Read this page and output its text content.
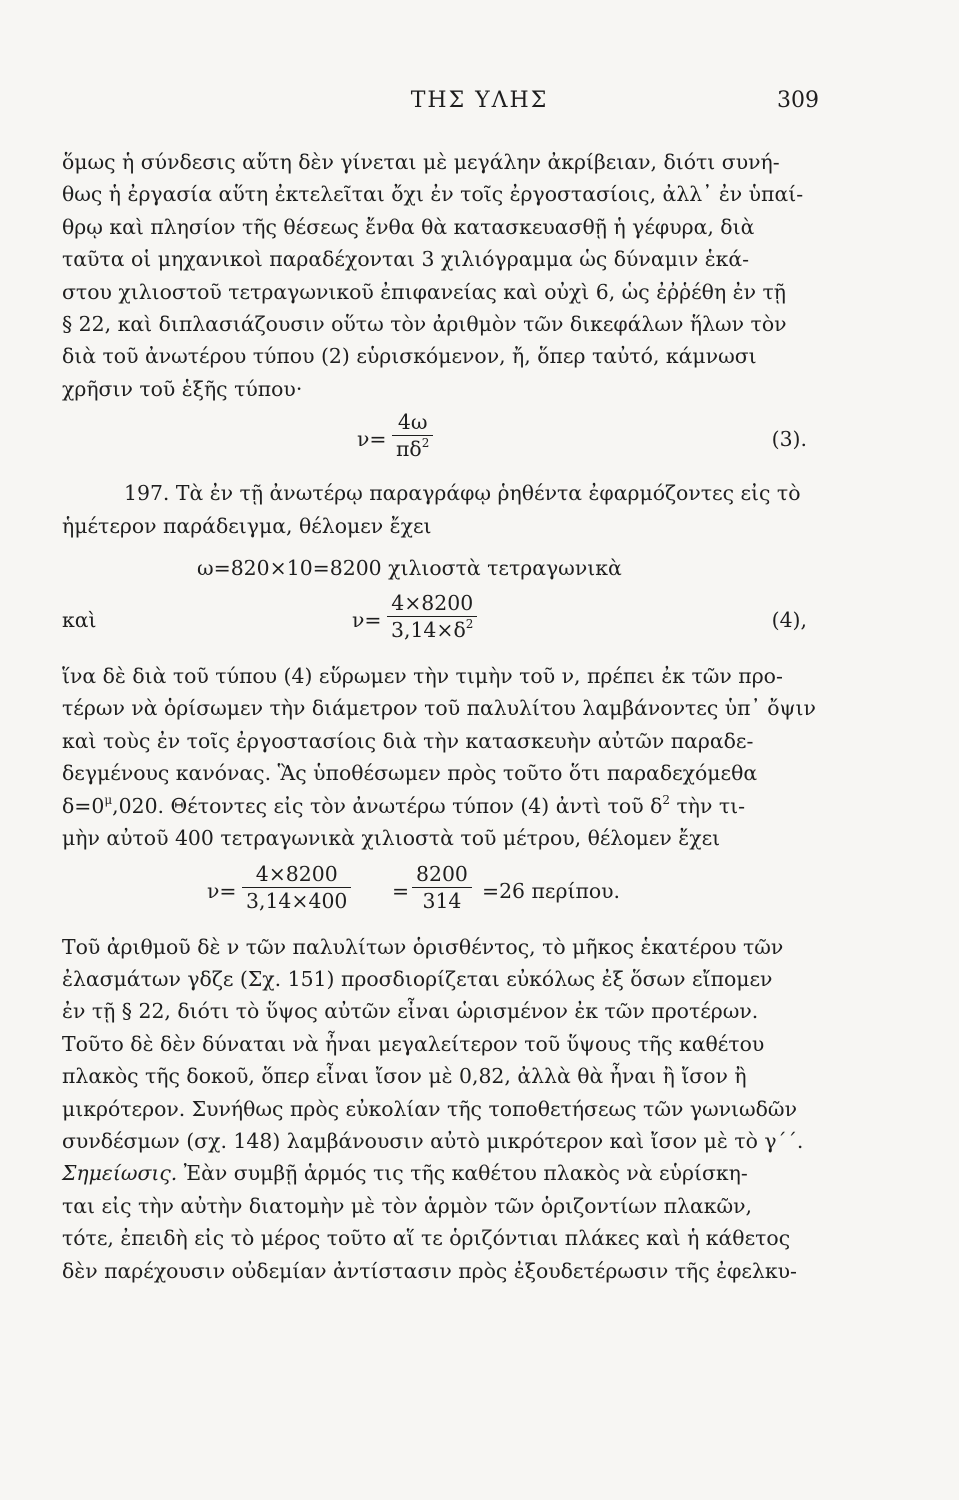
ΤΗΣ ΥΛΗΣ	309

ὅμως ἡ σύνδεσις αὕτη δὲν γίνεται μὲ μεγάλην ἀκρίβειαν, διότι συνή-
θως ἡ ἐργασία αὕτη ἐκτελεῖται ὄχι ἐν τοῖς ἐργοστασίοις, ἀλλ᾽ ἐν ὑπαί-
θρῳ καὶ πλησίον τῆς θέσεως ἔνθα θὰ κατασκευασθῇ ἡ γέφυρα, διὰ
ταῦτα οἱ μηχανικοὶ παραδέχονται 3 χιλιόγραμμα ὡς δύναμιν ἑκά-
στου χιλιοστοῦ τετραγωνικοῦ ἐπιφανείας καὶ οὐχὶ 6, ὡς ἐῤῥέθη ἐν τῇ
§ 22, καὶ διπλασιάζουσιν οὕτω τὸν ἀριθμὸν τῶν δικεφάλων ἥλων τὸν
διὰ τοῦ ἀνωτέρου τύπου (2) εὑρισκόμενον, ἤ, ὅπερ ταὐτό, κάμνωσι
χρῆσιν τοῦ ἑξῆς τύπου·

ν=
4ω
$\pi\delta^2$	(3).

197. Τὰ ἐν τῇ ἀνωτέρῳ παραγράφῳ ῥηθέντα ἐφαρμόζοντες εἰς τὸ
ἡμέτερον παράδειγμα, θέλομεν ἔχει

ω=820×10=8200 χιλιοστὰ τετραγωνικὰ
καὶ	ν=
4×8200
$3,14\times\delta^2$	(4),

ἵνα δὲ διὰ τοῦ τύπου (4) εὕρωμεν τὴν τιμὴν τοῦ ν, πρέπει ἐκ τῶν προ-
τέρων νὰ ὁρίσωμεν τὴν διάμετρον τοῦ παλυλίτου λαμβάνοντες ὑπ᾽ ὄψιν
καὶ τοὺς ἐν τοῖς ἐργοστασίοις διὰ τὴν κατασκευὴν αὐτῶν παραδε-
δεγμένους κανόνας. Ἃς ὑποθέσωμεν πρὸς τοῦτο ὅτι παραδεχόμεθα
$\delta=0^\mu,020$. Θέτοντες εἰς τὸν ἀνωτέρω τύπον (4) ἀντὶ τοῦ $\delta^2$ τὴν τι-
μὴν αὐτοῦ 400 τετραγωνικὰ χιλιοστὰ τοῦ μέτρου, θέλομεν ἔχει

ν=
4×8200
3,14×400 =
8200
314	=26 περίπου.

Τοῦ ἀριθμοῦ δὲ ν τῶν παλυλίτων ὁρισθέντος, τὸ μῆκος ἑκατέρου τῶν
ἐλασμάτων γδζε (Σχ. 151) προσδιορίζεται εὐκόλως ἐξ ὅσων εἴπομεν
ἐν τῇ § 22, διότι τὸ ὕψος αὐτῶν εἶναι ὡρισμένον ἐκ τῶν προτέρων.
Τοῦτο δὲ δὲν δύναται νὰ ἦναι μεγαλείτερον τοῦ ὕψους τῆς καθέτου
πλακὸς τῆς δοκοῦ, ὅπερ εἶναι ἴσον μὲ 0,82, ἀλλὰ θὰ ἦναι ἢ ἴσον ἢ
μικρότερον. Συνήθως πρὸς εὐκολίαν τῆς τοποθετήσεως τῶν γωνιωδῶν
συνδέσμων (σχ. 148) λαμβάνουσιν αὐτὸ μικρότερον καὶ ἴσον μὲ τὸ γ΄΄.

Σημείωσις. Ἐὰν συμβῇ ἁρμός τις τῆς καθέτου πλακὸς νὰ εὑρίσκη-
ται εἰς τὴν αὐτὴν διατομὴν μὲ τὸν ἁρμὸν τῶν ὁριζοντίων πλακῶν,
τότε, ἐπειδὴ εἰς τὸ μέρος τοῦτο αἵ τε ὁριζόντιαι πλάκες καὶ ἡ κάθετος
δὲν παρέχουσιν οὐδεμίαν ἀντίστασιν πρὸς ἐξουδετέρωσιν τῆς ἐφελκυ-
